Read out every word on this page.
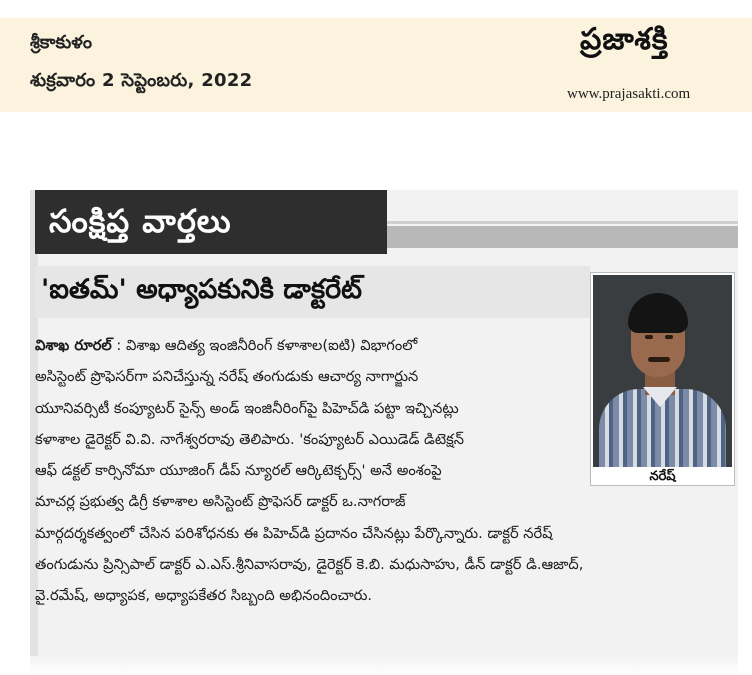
శ్రీకాకుళం
శుక్రవారం 2 సెప్టెంబరు, 2022
ప్రజాశక్తి
www.prajasakti.com
సంక్షిప్త వార్తలు
'ఐతమ్' అధ్యాపకునికి డాక్టరేట్
నరేష్
విశాఖ రూరల్ : విశాఖ ఆదిత్య ఇంజినీరింగ్ కళాశాల(ఐటి) విభాగంలో
అసిస్టెంట్ ప్రొఫెసర్‌గా పనిచేస్తున్న నరేష్ తంగుడుకు ఆచార్య నాగార్జున
యూనివర్సిటీ కంప్యూటర్ సైన్స్ అండ్ ఇంజినీరింగ్‌పై పిహెచ్‌డి పట్టా ఇచ్చినట్లు
కళాశాల డైరెక్టర్ వి.వి. నాగేశ్వరరావు తెలిపారు. 'కంప్యూటర్ ఎయిడెడ్ డిటెక్షన్
ఆఫ్ డక్టల్ కార్సినోమా యూజింగ్ డీప్ న్యూరల్ ఆర్కిటెక్చర్స్' అనే అంశంపై
మాచర్ల ప్రభుత్వ డిగ్రీ కళాశాల అసిస్టెంట్ ప్రొఫెసర్ డాక్టర్ ఒ.నాగరాజ్
మార్గదర్శకత్వంలో చేసిన పరిశోధనకు ఈ పిహెచ్‌డి ప్రదానం చేసినట్లు పేర్కొన్నారు. డాక్టర్ నరేష్
తంగుడును ప్రిన్సిపాల్ డాక్టర్ ఎ.ఎస్.శ్రీనివాసరావు, డైరెక్టర్ కె.బి. మధుసాహు, డీన్ డాక్టర్ డి.ఆజాద్,
వై.రమేష్, అధ్యాపక, అధ్యాపకేతర సిబ్బంది అభినందించారు.
